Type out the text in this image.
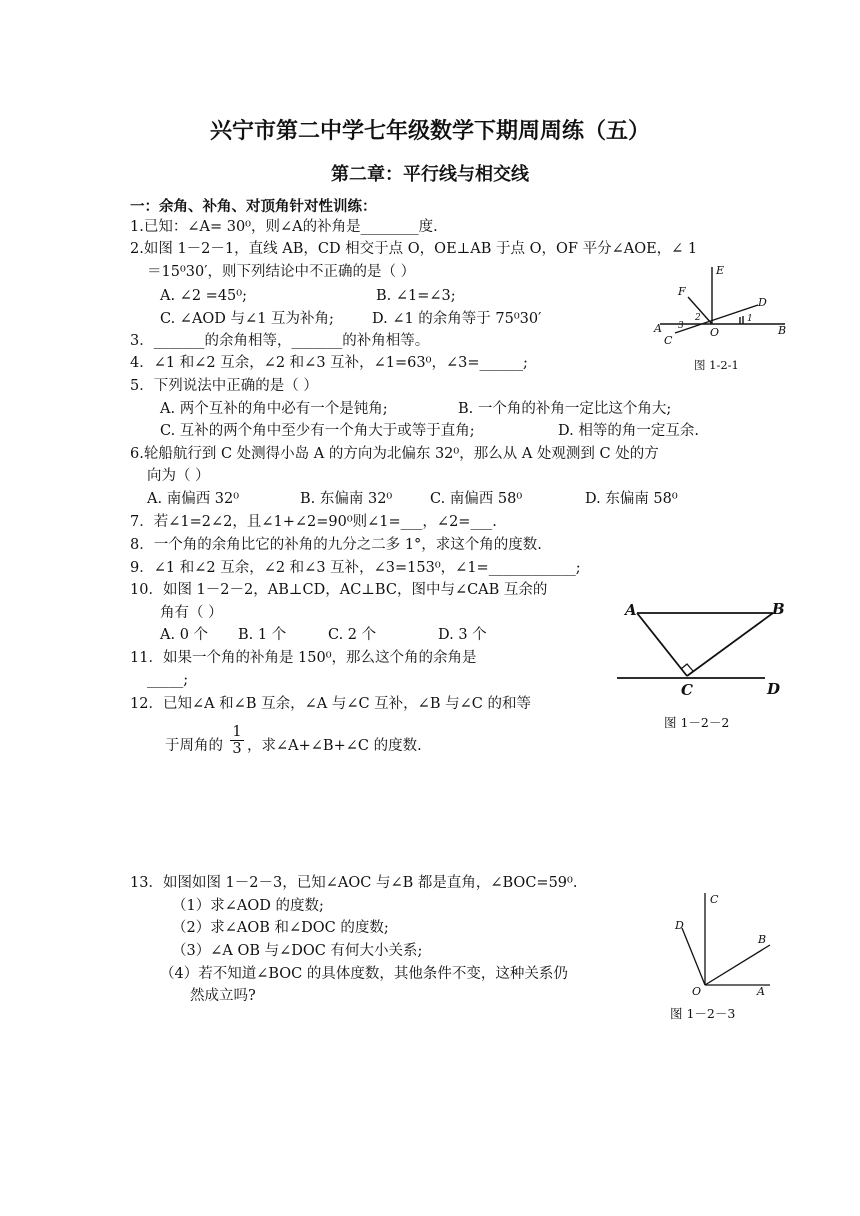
兴宁市第二中学七年级数学下期周周练（五）
第二章：平行线与相交线
一：余角、补角、对顶角针对性训练：
1.已知：∠A= 30⁰，则∠A的补角是________度.
2.如图 1－2－1，直线 AB，CD 相交于点 O，OE⊥AB 于点 O，OF 平分∠AOE，∠ 1
＝15⁰30′，则下列结论中不正确的是（ ）
A. ∠2 =45⁰;	B. ∠1=∠3;
C. ∠AOD 与∠1 互为补角;	D. ∠1 的余角等于 75⁰30′
3．_______的余角相等，_______的补角相等。
4．∠1 和∠2 互余，∠2 和∠3 互补，∠1=63⁰，∠3=______;
5．下列说法中正确的是（ ）
A. 两个互补的角中必有一个是钝角;	B. 一个角的补角一定比这个角大;
C. 互补的两个角中至少有一个角大于或等于直角;	D. 相等的角一定互余.
6.轮船航行到 C 处测得小岛 A 的方向为北偏东 32⁰，那么从 A 处观测到 C 处的方
向为（ ）
A. 南偏西 32⁰	B. 东偏南 32⁰	C. 南偏西 58⁰	D. 东偏南 58⁰
7．若∠1=2∠2，且∠1+∠2=90⁰则∠1=___，∠2=___.
8．一个角的余角比它的补角的九分之二多 1°，求这个角的度数.
9．∠1 和∠2 互余，∠2 和∠3 互补，∠3=153⁰，∠1=____________;
10．如图 1－2－2，AB⊥CD，AC⊥BC，图中与∠CAB 互余的
角有（ ）
A. 0 个 B. 1 个	C. 2 个	D. 3 个
11．如果一个角的补角是 150⁰，那么这个角的余角是
_____;
12．已知∠A 和∠B 互余，∠A 与∠C 互补，∠B 与∠C 的和等
于周角的 $\frac{1}{3}$ ，求∠A+∠B+∠C 的度数.
13．如图如图 1－2－3，已知∠AOC 与∠B 都是直角，∠BOC=59⁰.
（1）求∠AOD 的度数;
（2）求∠AOB 和∠DOC 的度数;
（3）∠A OB 与∠DOC 有何大小关系;
（4）若不知道∠BOC 的具体度数，其他条件不变，这种关系仍
然成立吗?
E
F
D
A
C
O	B
2
3
1
图 1-2-1
A	B
C	D
图 1－2－2
C
D
B
O	A
图 1－2－3
